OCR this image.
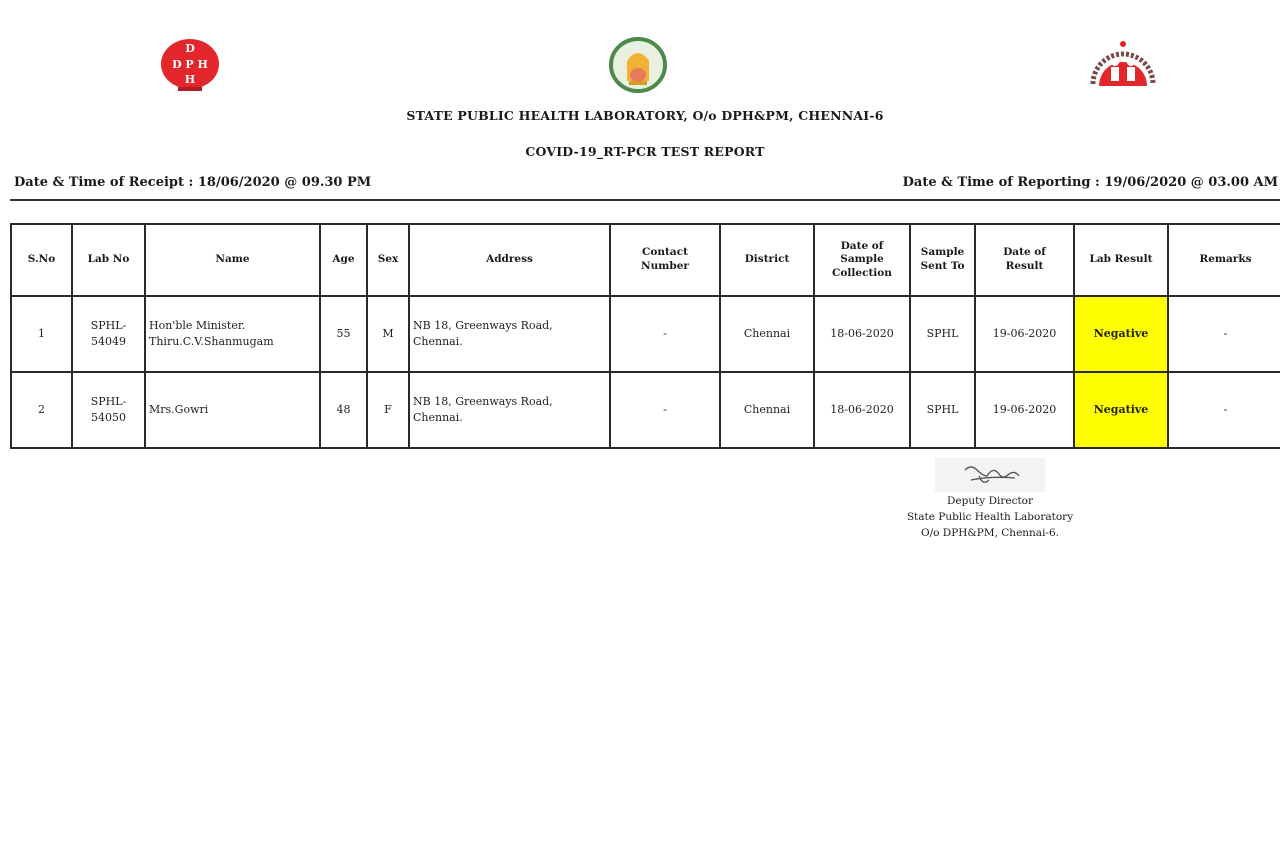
D
D P H
H
STATE PUBLIC HEALTH LABORATORY, O/o DPH&PM, CHENNAI-6
COVID-19_RT-PCR TEST REPORT
Date & Time of Receipt : 18/06/2020 @ 09.30 PM	Date & Time of Reporting : 19/06/2020 @ 03.00 AM
S.No	Lab No	Name	Age	Sex	Address	Contact Number	District	Date of Sample Collection	Sample Sent To	Date of Result	Lab Result	Remarks
1	SPHL-54049	Hon'ble Minister. Thiru.C.V.Shanmugam	55	M	NB 18, Greenways Road, Chennai.	-	Chennai	18-06-2020	SPHL	19-06-2020	Negative	-
2	SPHL-54050	Mrs.Gowri	48	F	NB 18, Greenways Road, Chennai.	-	Chennai	18-06-2020	SPHL	19-06-2020	Negative	-
Deputy Director
State Public Health Laboratory
O/o DPH&PM, Chennai-6.
